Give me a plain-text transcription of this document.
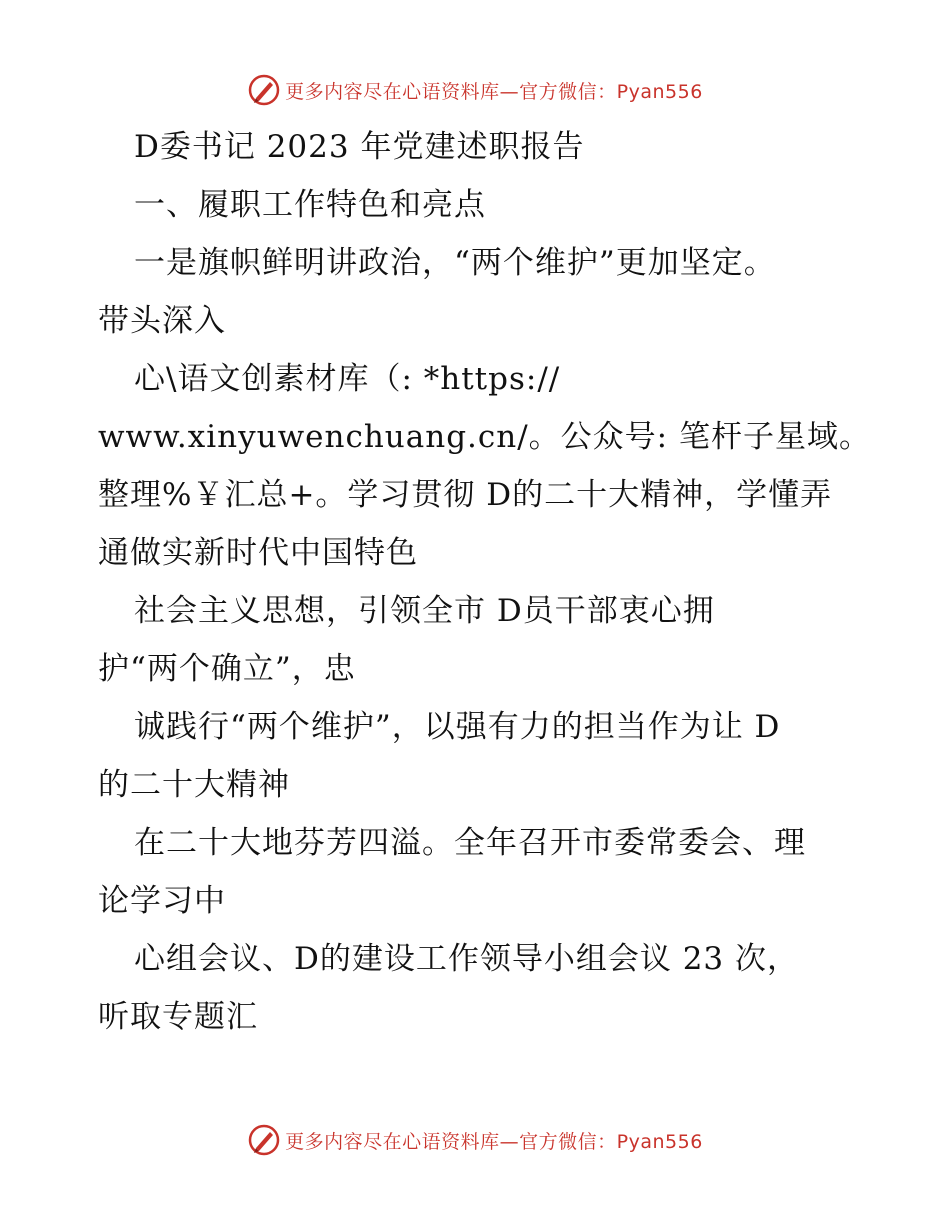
更多内容尽在心语资料库—官方微信：Pyan556
D委书记 2023 年党建述职报告
一、履职工作特色和亮点
一是旗帜鲜明讲政治，“两个维护”更加坚定。
带头深入
心\语文创素材库（: *https://
www.xinyuwenchuang.cn/。公众号: 笔杆子星域。
整理%￥汇总+。学习贯彻 D的二十大精神，学懂弄
通做实新时代中国特色
社会主义思想，引领全市 D员干部衷心拥
护“两个确立”，忠
诚践行“两个维护”，以强有力的担当作为让 D
的二十大精神
在二十大地芬芳四溢。全年召开市委常委会、理
论学习中
心组会议、D的建设工作领导小组会议 23 次，
听取专题汇
更多内容尽在心语资料库—官方微信：Pyan556
